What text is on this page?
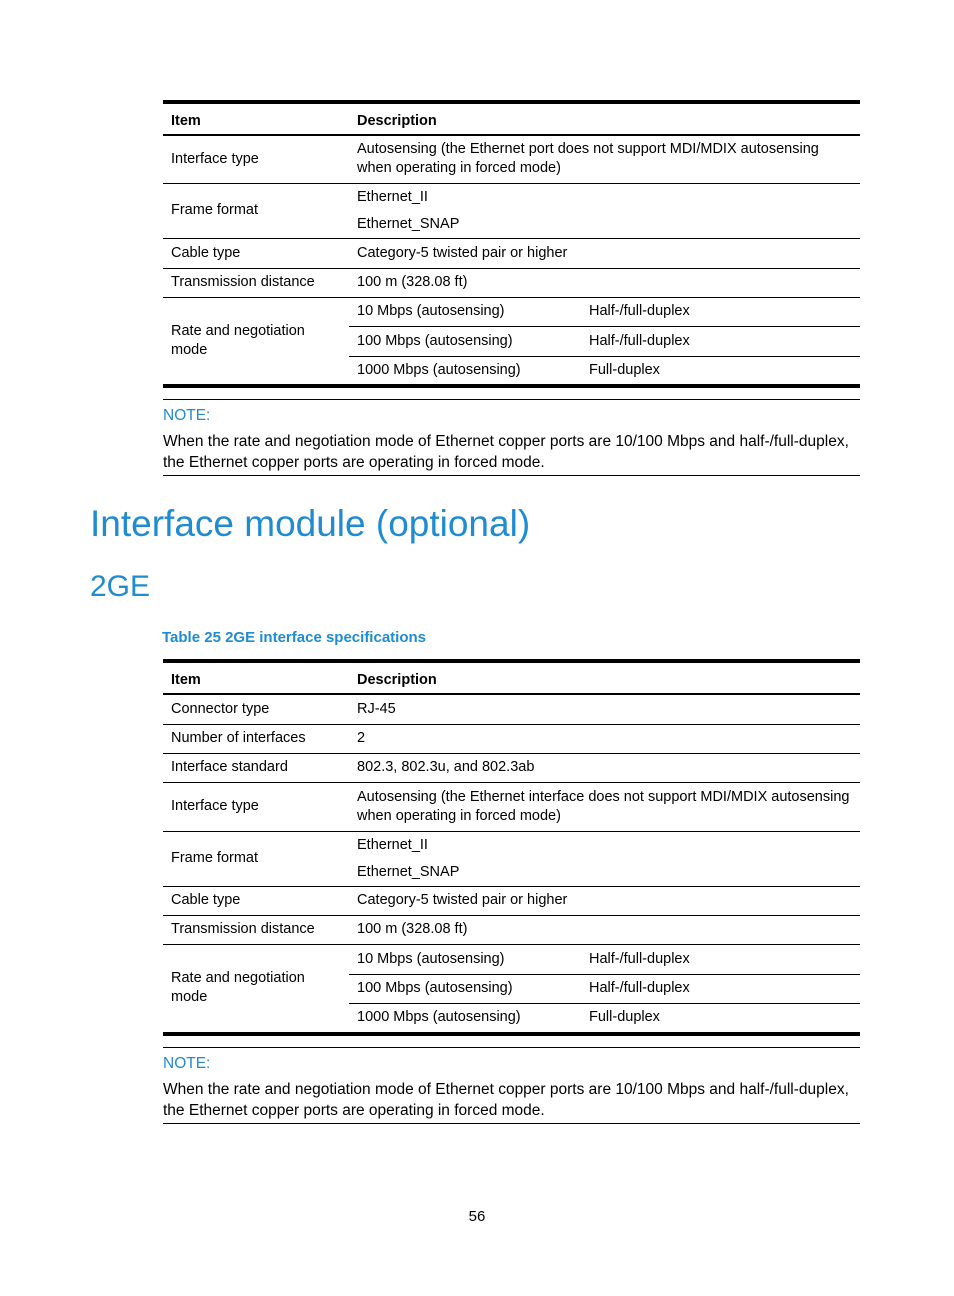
Item	Description	
Interface type	Autosensing (the Ethernet port does not support MDI/MDIX autosensing when operating in forced mode)	
Frame format	Ethernet_II
Ethernet_SNAP	

Cable type	Category-5 twisted pair or higher	
Transmission distance	100 m (328.08 ft)	
Rate and negotiation mode	10 Mbps (autosensing)	Half-/full-duplex
	100 Mbps (autosensing)	Half-/full-duplex
	1000 Mbps (autosensing)	Full-duplex
NOTE:
When the rate and negotiation mode of Ethernet copper ports are 10/100 Mbps and half-/full-duplex, the Ethernet copper ports are operating in forced mode.
Interface module (optional)
2GE
Table 25 2GE interface specifications
Item	Description	
Connector type	RJ-45	
Number of interfaces	2	
Interface standard	802.3, 802.3u, and 802.3ab	
Interface type	Autosensing (the Ethernet interface does not support MDI/MDIX autosensing when operating in forced mode)	
Frame format	Ethernet_II
Ethernet_SNAP	

Cable type	Category-5 twisted pair or higher	
Transmission distance	100 m (328.08 ft)	
Rate and negotiation mode	10 Mbps (autosensing)	Half-/full-duplex
	100 Mbps (autosensing)	Half-/full-duplex
	1000 Mbps (autosensing)	Full-duplex
NOTE:
When the rate and negotiation mode of Ethernet copper ports are 10/100 Mbps and half-/full-duplex, the Ethernet copper ports are operating in forced mode.
56
